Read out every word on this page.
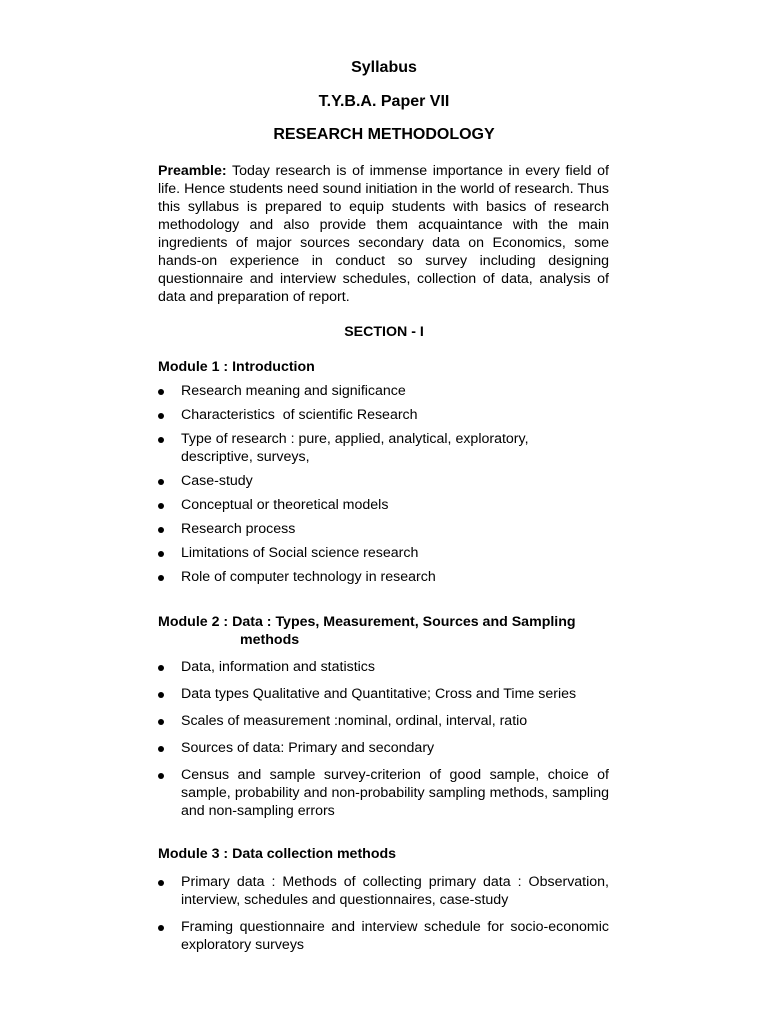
Syllabus
T.Y.B.A. Paper VII
RESEARCH METHODOLOGY
Preamble: Today research is of immense importance in every field of life. Hence students need sound initiation in the world of research. Thus this syllabus is prepared to equip students with basics of research methodology and also provide them acquaintance with the main ingredients of major sources secondary data on Economics, some hands-on experience in conduct so survey including designing questionnaire and interview schedules, collection of data, analysis of data and preparation of report.
SECTION - I
Module 1 : Introduction
Research meaning and significance
Characteristics  of scientific Research
Type of research : pure, applied, analytical, exploratory, descriptive, surveys,
Case-study
Conceptual or theoretical models
Research process
Limitations of Social science research
Role of computer technology in research
Module 2 : Data : Types, Measurement, Sources and Sampling
methods
Data, information and statistics
Data types Qualitative and Quantitative; Cross and Time series
Scales of measurement :nominal, ordinal, interval, ratio
Sources of data: Primary and secondary
Census and sample survey-criterion of good sample, choice of sample, probability and non-probability sampling methods, sampling and non-sampling errors
Module 3 : Data collection methods
Primary data : Methods of collecting primary data : Observation, interview, schedules and questionnaires, case-study
Framing questionnaire and interview schedule for socio-economic exploratory surveys
